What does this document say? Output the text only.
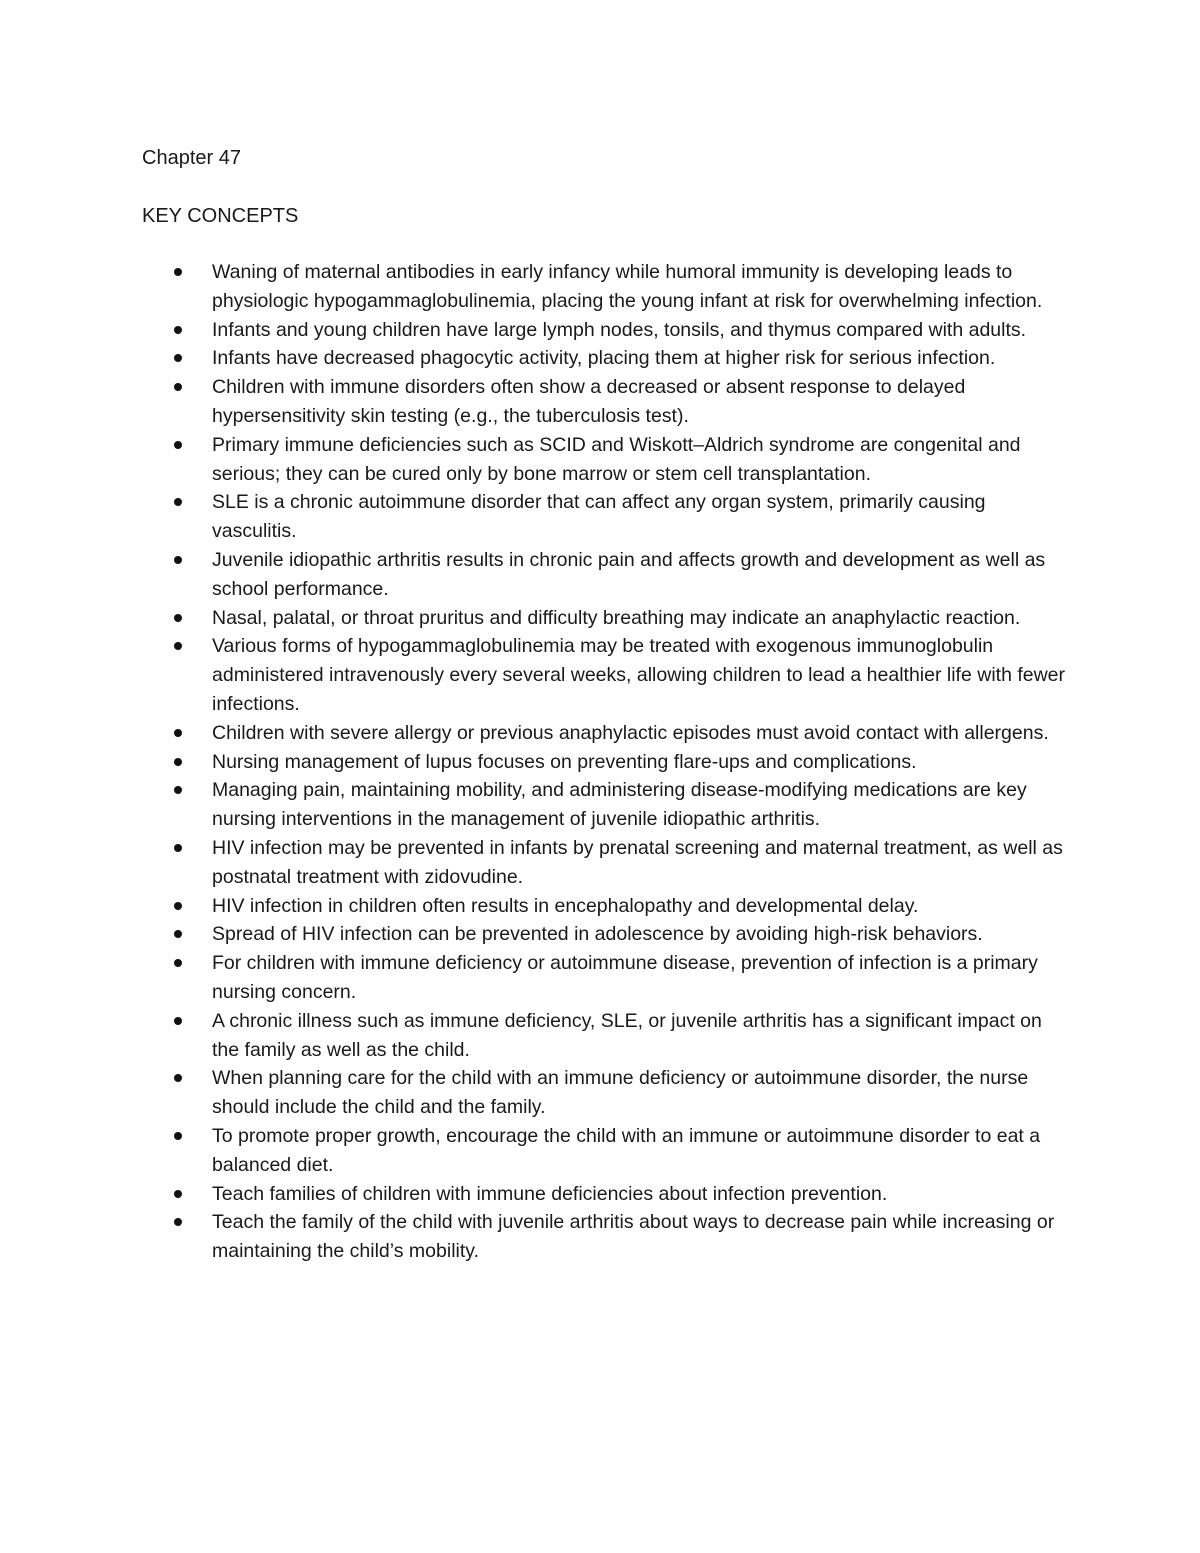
Chapter 47
KEY CONCEPTS
Waning of maternal antibodies in early infancy while humoral immunity is developing leads to physiologic hypogammaglobulinemia, placing the young infant at risk for overwhelming infection.
Infants and young children have large lymph nodes, tonsils, and thymus compared with adults.
Infants have decreased phagocytic activity, placing them at higher risk for serious infection.
Children with immune disorders often show a decreased or absent response to delayed hypersensitivity skin testing (e.g., the tuberculosis test).
Primary immune deficiencies such as SCID and Wiskott–Aldrich syndrome are congenital and serious; they can be cured only by bone marrow or stem cell transplantation.
SLE is a chronic autoimmune disorder that can affect any organ system, primarily causing vasculitis.
Juvenile idiopathic arthritis results in chronic pain and affects growth and development as well as school performance.
Nasal, palatal, or throat pruritus and difficulty breathing may indicate an anaphylactic reaction.
Various forms of hypogammaglobulinemia may be treated with exogenous immunoglobulin administered intravenously every several weeks, allowing children to lead a healthier life with fewer infections.
Children with severe allergy or previous anaphylactic episodes must avoid contact with allergens.
Nursing management of lupus focuses on preventing flare-ups and complications.
Managing pain, maintaining mobility, and administering disease-modifying medications are key nursing interventions in the management of juvenile idiopathic arthritis.
HIV infection may be prevented in infants by prenatal screening and maternal treatment, as well as postnatal treatment with zidovudine.
HIV infection in children often results in encephalopathy and developmental delay.
Spread of HIV infection can be prevented in adolescence by avoiding high-risk behaviors.
For children with immune deficiency or autoimmune disease, prevention of infection is a primary nursing concern.
A chronic illness such as immune deficiency, SLE, or juvenile arthritis has a significant impact on the family as well as the child.
When planning care for the child with an immune deficiency or autoimmune disorder, the nurse should include the child and the family.
To promote proper growth, encourage the child with an immune or autoimmune disorder to eat a balanced diet.
Teach families of children with immune deficiencies about infection prevention.
Teach the family of the child with juvenile arthritis about ways to decrease pain while increasing or maintaining the child’s mobility.
